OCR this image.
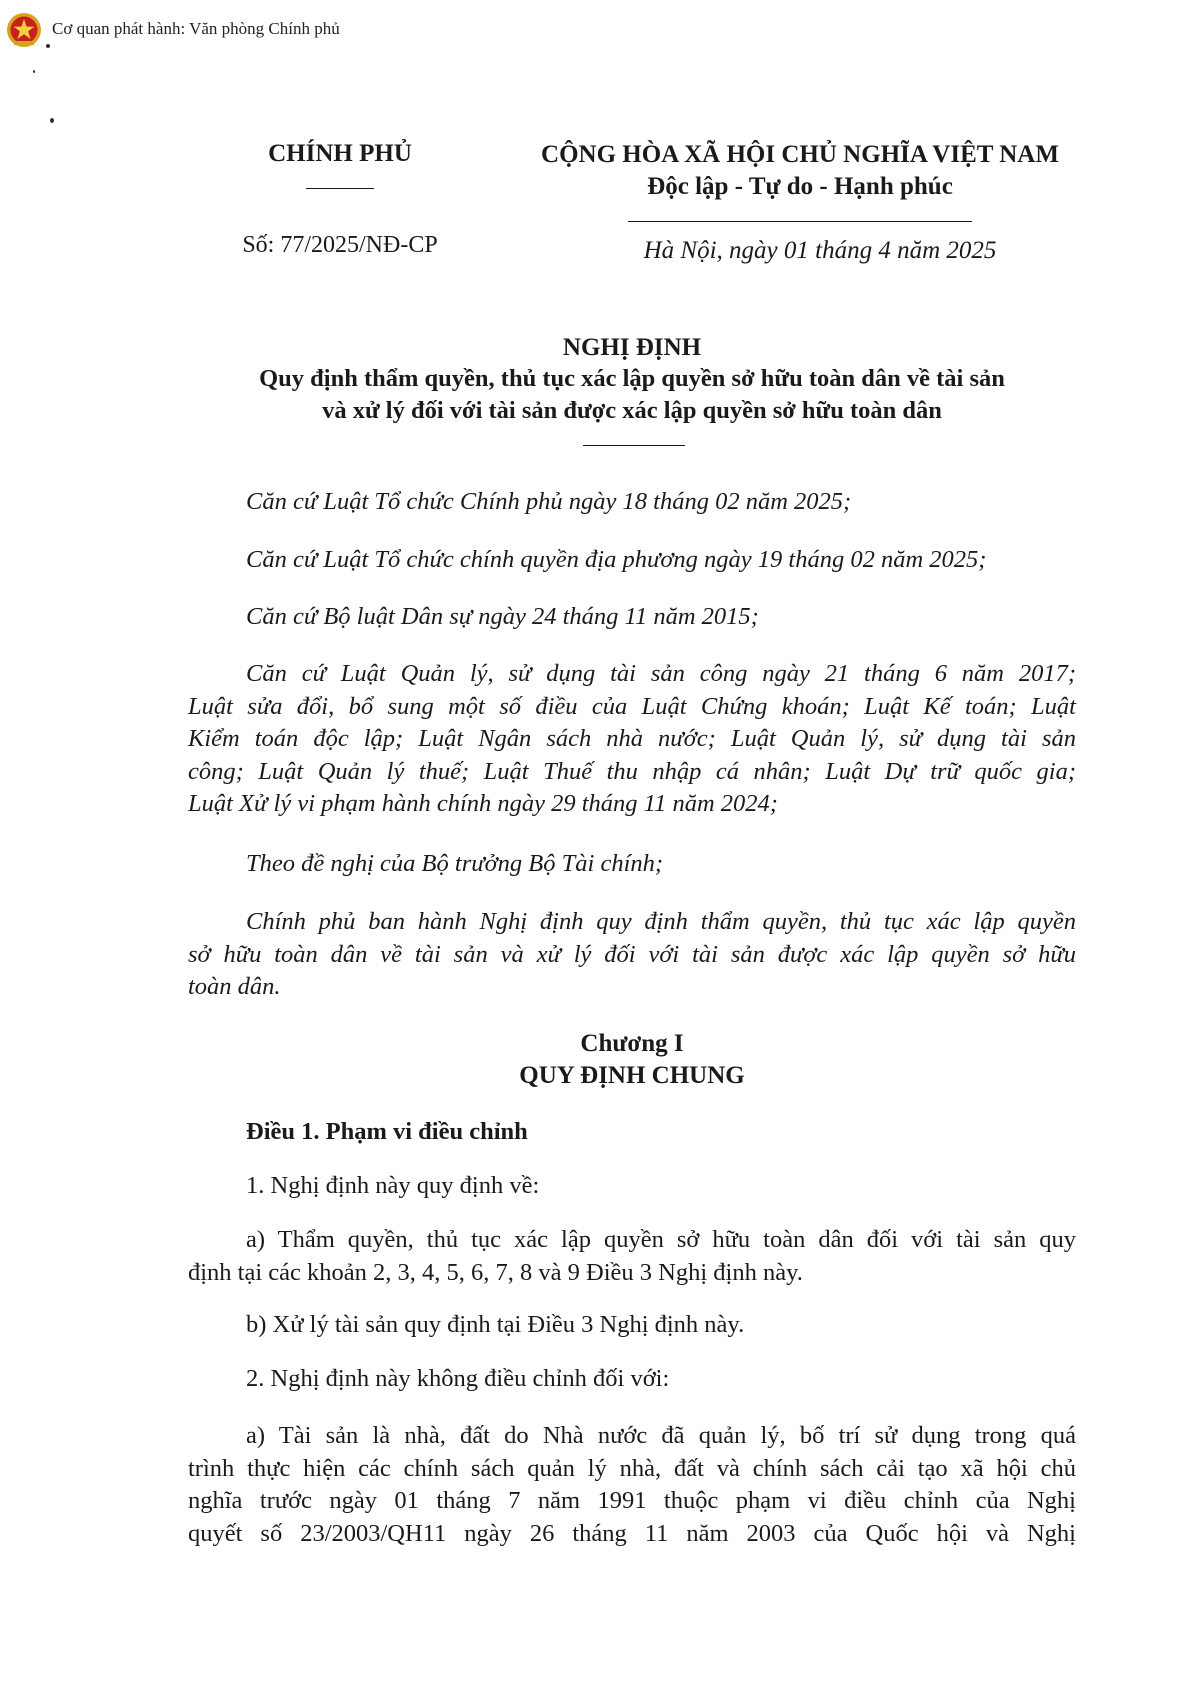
Cơ quan phát hành: Văn phòng Chính phủ
CHÍNH PHỦ
Số: 77/2025/NĐ-CP
CỘNG HÒA XÃ HỘI CHỦ NGHĨA VIỆT NAM
Độc lập - Tự do - Hạnh phúc
Hà Nội, ngày 01 tháng 4 năm 2025
NGHỊ ĐỊNH
Quy định thẩm quyền, thủ tục xác lập quyền sở hữu toàn dân về tài sản
và xử lý đối với tài sản được xác lập quyền sở hữu toàn dân
Căn cứ Luật Tổ chức Chính phủ ngày 18 tháng 02 năm 2025;
Căn cứ Luật Tổ chức chính quyền địa phương ngày 19 tháng 02 năm 2025;
Căn cứ Bộ luật Dân sự ngày 24 tháng 11 năm 2015;
Căn cứ Luật Quản lý, sử dụng tài sản công ngày 21 tháng 6 năm 2017;
Luật sửa đổi, bổ sung một số điều của Luật Chứng khoán; Luật Kế toán; Luật
Kiểm toán độc lập; Luật Ngân sách nhà nước; Luật Quản lý, sử dụng tài sản
công; Luật Quản lý thuế; Luật Thuế thu nhập cá nhân; Luật Dự trữ quốc gia;
Luật Xử lý vi phạm hành chính ngày 29 tháng 11 năm 2024;
Theo đề nghị của Bộ trưởng Bộ Tài chính;
Chính phủ ban hành Nghị định quy định thẩm quyền, thủ tục xác lập quyền
sở hữu toàn dân về tài sản và xử lý đối với tài sản được xác lập quyền sở hữu
toàn dân.
Chương I
QUY ĐỊNH CHUNG
Điều 1. Phạm vi điều chỉnh
1. Nghị định này quy định về:
a) Thẩm quyền, thủ tục xác lập quyền sở hữu toàn dân đối với tài sản quy
định tại các khoản 2, 3, 4, 5, 6, 7, 8 và 9 Điều 3 Nghị định này.
b) Xử lý tài sản quy định tại Điều 3 Nghị định này.
2. Nghị định này không điều chỉnh đối với:
a) Tài sản là nhà, đất do Nhà nước đã quản lý, bố trí sử dụng trong quá
trình thực hiện các chính sách quản lý nhà, đất và chính sách cải tạo xã hội chủ
nghĩa trước ngày 01 tháng 7 năm 1991 thuộc phạm vi điều chỉnh của Nghị
quyết số 23/2003/QH11 ngày 26 tháng 11 năm 2003 của Quốc hội và Nghị
